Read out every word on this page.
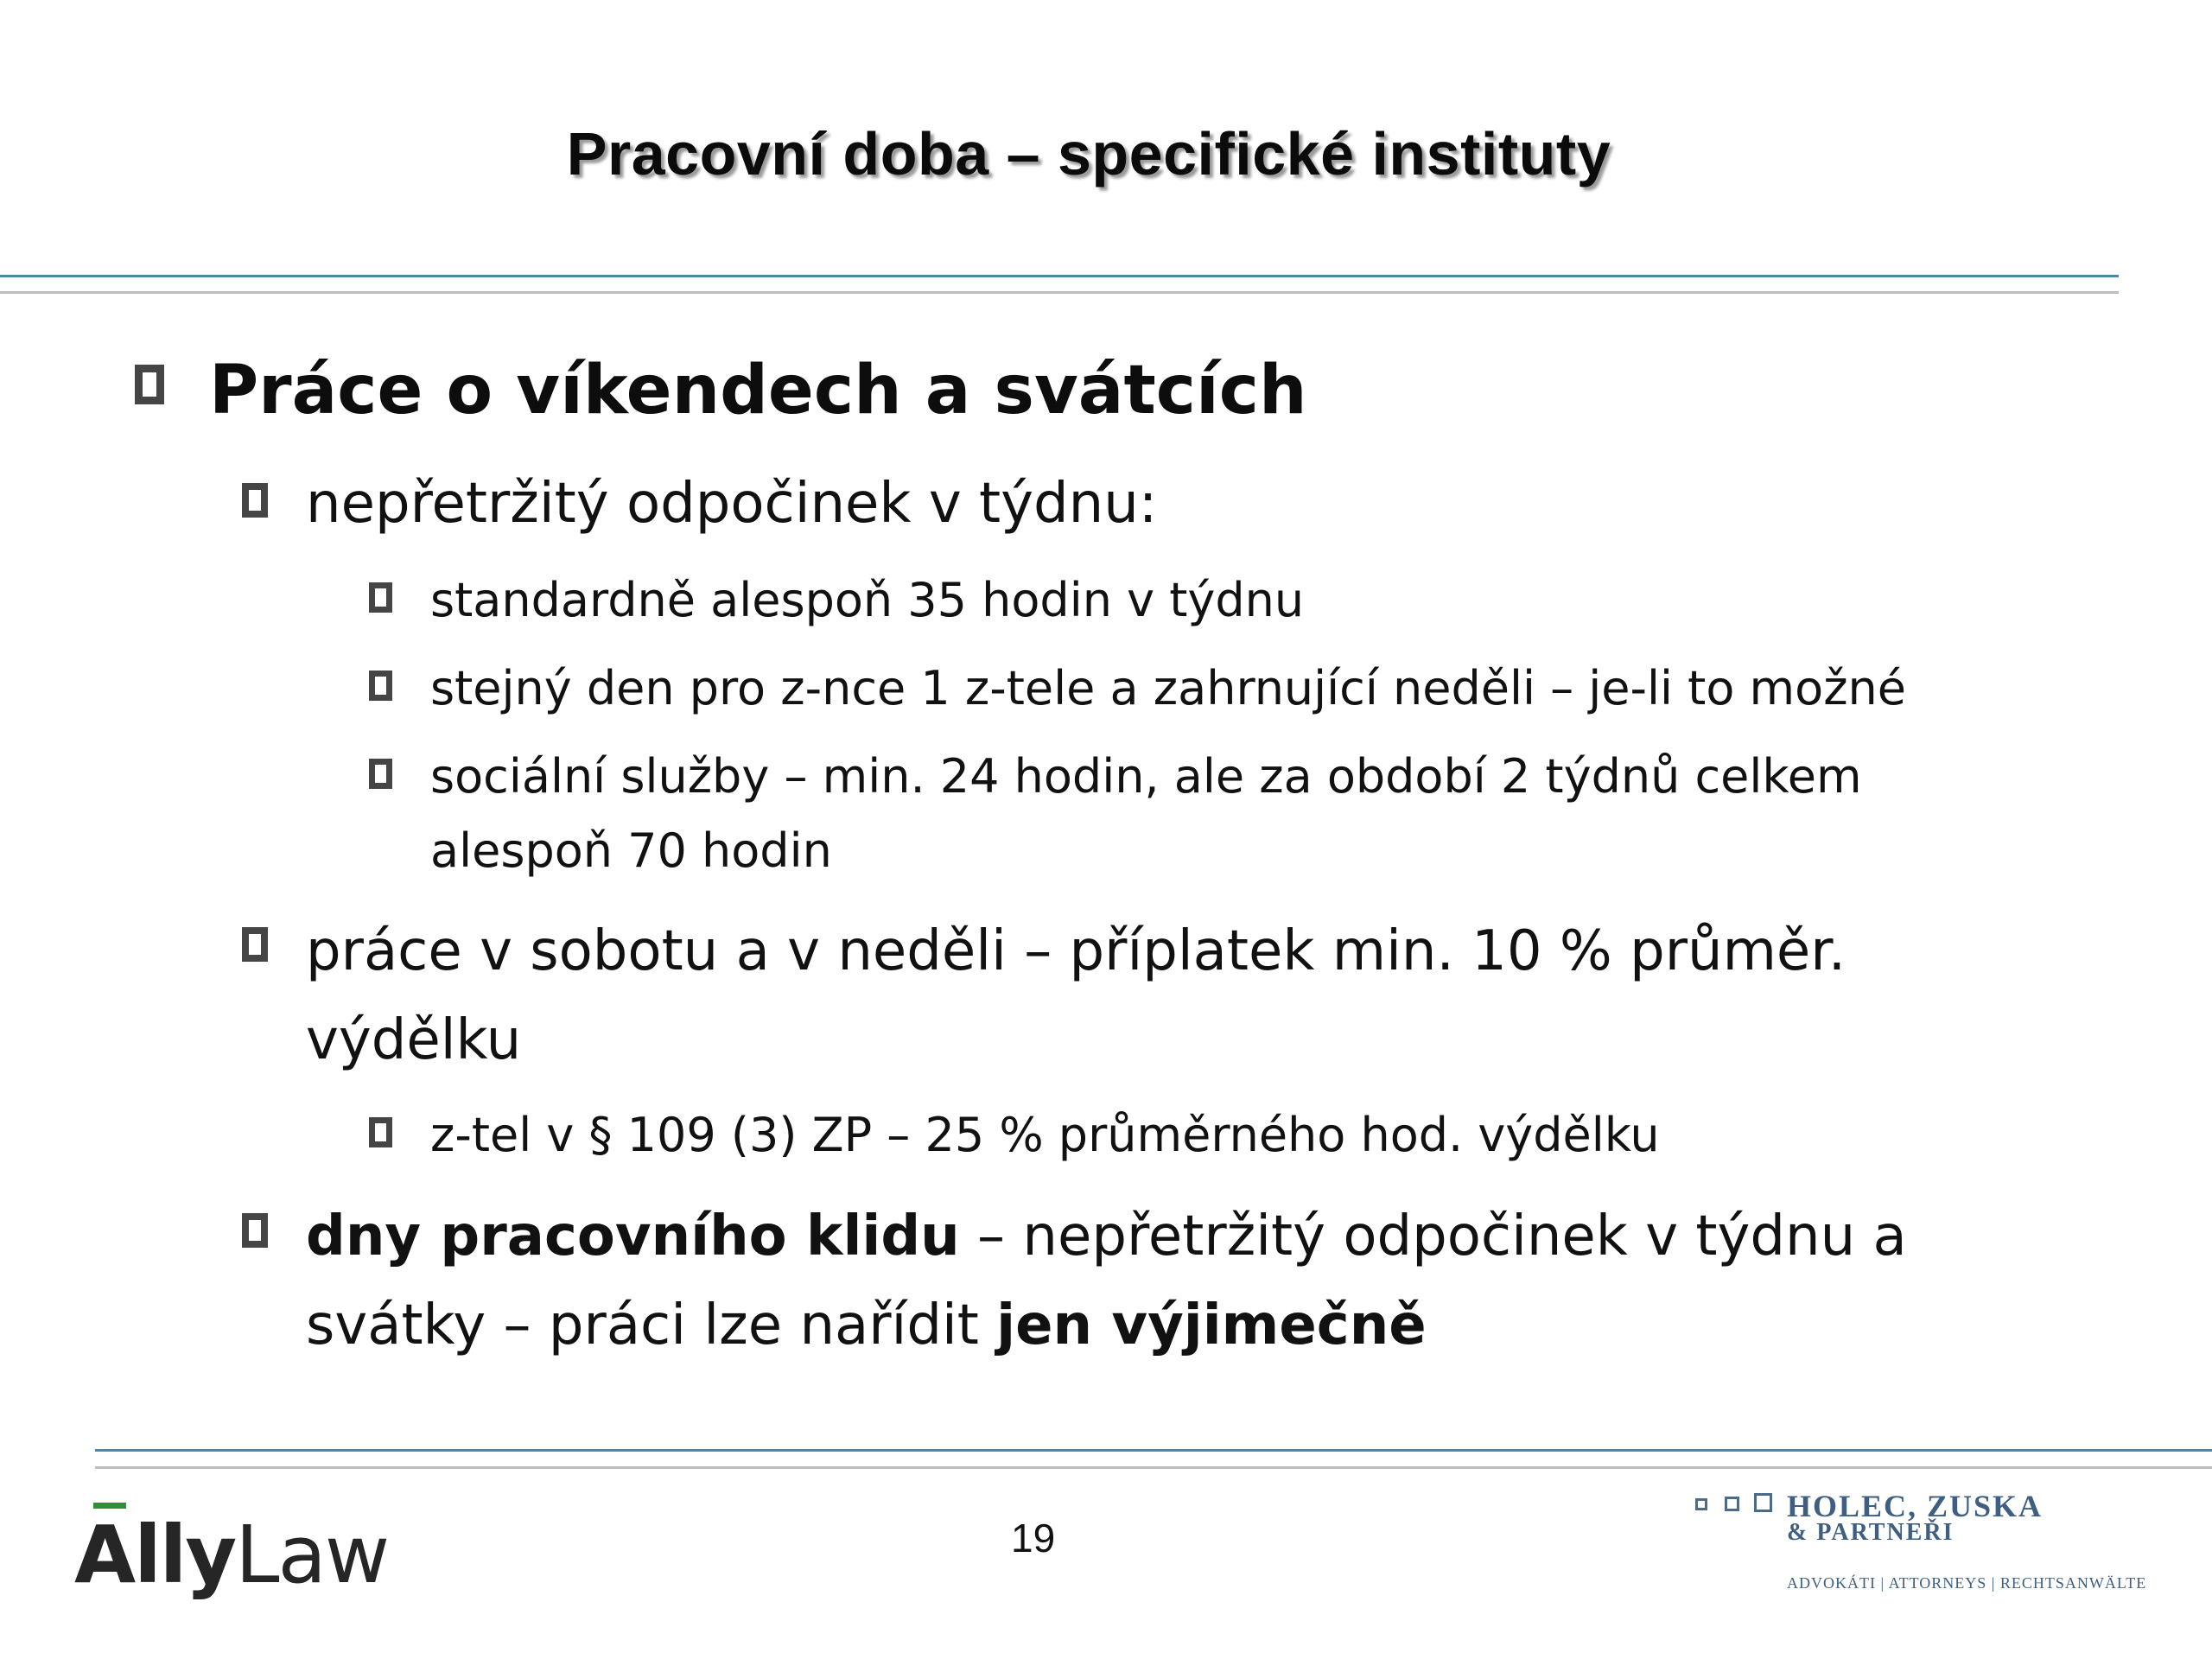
Pracovní doba – specifické instituty
Práce o víkendech a svátcích
nepřetržitý odpočinek v týdnu:
standardně alespoň 35 hodin v týdnu
stejný den pro z-nce 1 z-tele a zahrnující neděli – je-li to možné
sociální služby – min. 24 hodin, ale za období 2 týdnů celkem
alespoň 70 hodin
práce v sobotu a v neděli – příplatek min. 10 % průměr.
výdělku
z-tel v § 109 (3) ZP – 25 % průměrného hod. výdělku
dny pracovního klidu – nepřetržitý odpočinek v týdnu a
svátky – práci lze nařídit jen výjimečně
AllyLaw	19
HOLEC, ZUSKA
& PARTNEŘI
ADVOKÁTI | ATTORNEYS | RECHTSANWÄLTE
